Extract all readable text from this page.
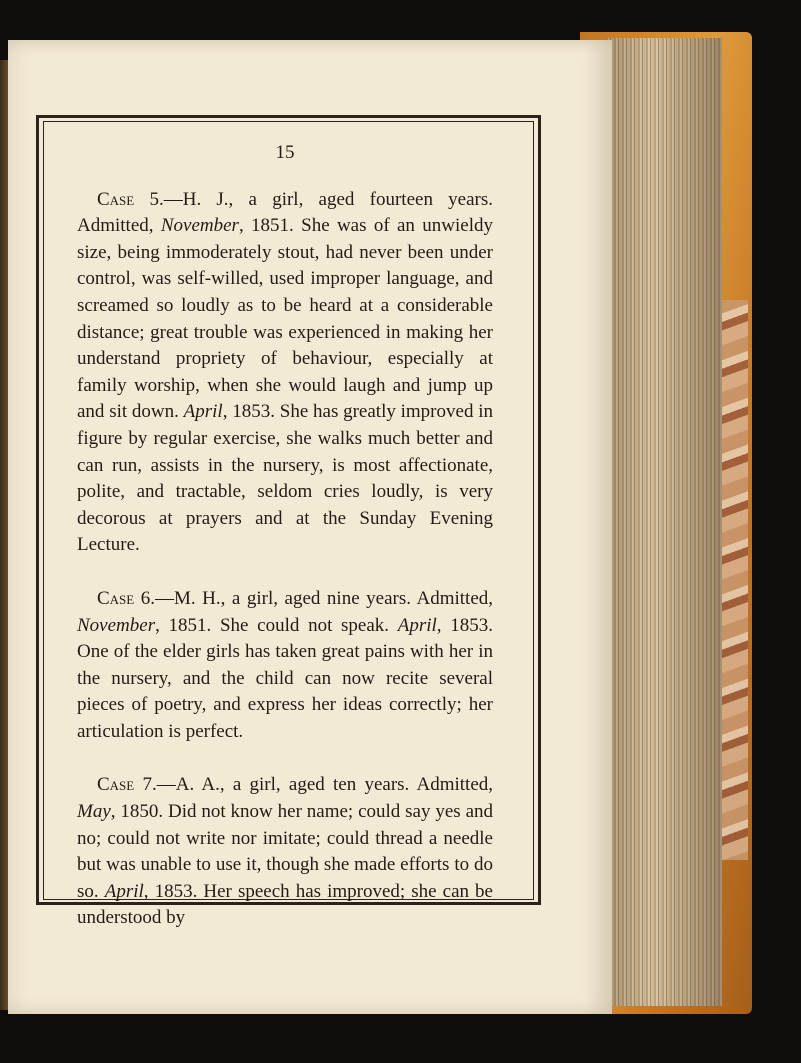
15

Case 5.—H. J., a girl, aged fourteen years. Admitted, November, 1851. She was of an unwieldy size, being immoderately stout, had never been under control, was self-willed, used improper language, and screamed so loudly as to be heard at a considerable distance; great trouble was experienced in making her understand propriety of behaviour, especially at family worship, when she would laugh and jump up and sit down. April, 1853. She has greatly improved in figure by regular exercise, she walks much better and can run, assists in the nursery, is most affectionate, polite, and tractable, seldom cries loudly, is very decorous at prayers and at the Sunday Evening Lecture.

Case 6.—M. H., a girl, aged nine years. Admitted, November, 1851. She could not speak. April, 1853. One of the elder girls has taken great pains with her in the nursery, and the child can now recite several pieces of poetry, and express her ideas correctly; her articulation is perfect.

Case 7.—A. A., a girl, aged ten years. Admitted, May, 1850. Did not know her name; could say yes and no; could not write nor imitate; could thread a needle but was unable to use it, though she made efforts to do so. April, 1853. Her speech has improved; she can be understood by
